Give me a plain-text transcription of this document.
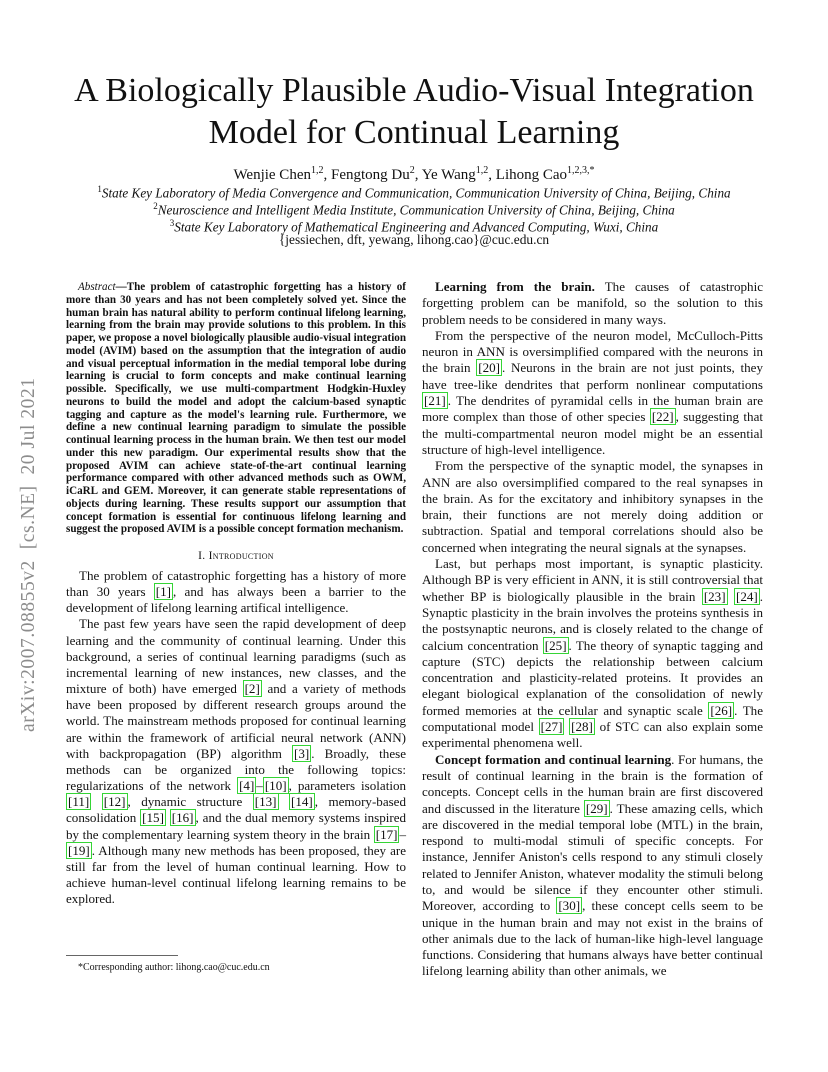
arXiv:2007.08855v2  [cs.NE]  20 Jul 2021
A Biologically Plausible Audio-Visual Integration
Model for Continual Learning
Wenjie Chen$^{1,2}$, Fengtong Du$^2$, Ye Wang$^{1,2}$, Lihong Cao$^{1,2,3,*}$
$^1$State Key Laboratory of Media Convergence and Communication, Communication University of China, Beijing, China
$^2$Neuroscience and Intelligent Media Institute, Communication University of China, Beijing, China
$^3$State Key Laboratory of Mathematical Engineering and Advanced Computing, Wuxi, China
{jessiechen, dft, yewang, lihong.cao}@cuc.edu.cn

Abstract—The problem of catastrophic forgetting has a history of more than 30 years and has not been completely solved yet. Since the human brain has natural ability to perform continual lifelong learning, learning from the brain may provide solutions to this problem. In this paper, we propose a novel biologically plausible audio-visual integration model (AVIM) based on the assumption that the integration of audio and visual perceptual information in the medial temporal lobe during learning is crucial to form concepts and make continual learning possible. Specifically, we use multi-compartment Hodgkin-Huxley neurons to build the model and adopt the calcium-based synaptic tagging and capture as the model's learning rule. Furthermore, we define a new continual learning paradigm to simulate the possible continual learning process in the human brain. We then test our model under this new paradigm. Our experimental results show that the proposed AVIM can achieve state-of-the-art continual learning performance compared with other advanced methods such as OWM, iCaRL and GEM. Moreover, it can generate stable representations of objects during learning. These results support our assumption that concept formation is essential for continuous lifelong learning and suggest the proposed AVIM is a possible concept formation mechanism.

I. Introduction

The problem of catastrophic forgetting has a history of more than 30 years [1] , and has always been a barrier to the development of lifelong learning artifical intelligence.

The past few years have seen the rapid development of deep learning and the community of continual learning. Under this background, a series of continual learning paradigms (such as incremental learning of new instances, new classes, and the mixture of both) have emerged [2] and a variety of methods have been proposed by different research groups around the world. The mainstream methods proposed for continual learning are within the framework of artificial neural network (ANN) with backpropagation (BP) algorithm [3] . Broadly, these methods can be organized into the following topics: regularizations of the network [4] – [10] , parameters isolation [11] [12] , dynamic structure [13] [14] , memory-based consolidation [15] [16] , and the dual memory systems inspired by the complementary learning system theory in the brain [17] –[19] . Although many new methods has been proposed, they are still far from the level of human continual learning. How to achieve human-level continual lifelong learning remains to be explored.

Learning from the brain. The causes of catastrophic forgetting problem can be manifold, so the solution to this problem needs to be considered in many ways.

From the perspective of the neuron model, McCulloch-Pitts neuron in ANN is oversimplified compared with the neurons in the brain [20] . Neurons in the brain are not just points, they have tree-like dendrites that perform nonlinear computations [21] . The dendrites of pyramidal cells in the human brain are more complex than those of other species [22] , suggesting that the multi-compartmental neuron model might be an essential structure of high-level intelligence.

From the perspective of the synaptic model, the synapses in ANN are also oversimplified compared to the real synapses in the brain. As for the excitatory and inhibitory synapses in the brain, their functions are not merely doing addition or subtraction. Spatial and temporal correlations should also be concerned when integrating the neural signals at the synapses.

Last, but perhaps most important, is synaptic plasticity. Although BP is very efficient in ANN, it is still controversial that whether BP is biologically plausible in the brain [23] [24] . Synaptic plasticity in the brain involves the proteins synthesis in the postsynaptic neurons, and is closely related to the change of calcium concentration [25] . The theory of synaptic tagging and capture (STC) depicts the relationship between calcium concentration and plasticity-related proteins. It provides an elegant biological explanation of the consolidation of newly formed memories at the cellular and synaptic scale [26] . The computational model [27] [28] of STC can also explain some experimental phenomena well.

Concept formation and continual learning. For humans, the result of continual learning in the brain is the formation of concepts. Concept cells in the human brain are first discovered and discussed in the literature [29] . These amazing cells, which are discovered in the medial temporal lobe (MTL) in the brain, respond to multi-modal stimuli of specific concepts. For instance, Jennifer Aniston's cells respond to any stimuli closely related to Jennifer Aniston, whatever modality the stimuli belong to, and would be silence if they encounter other stimuli. Moreover, according to [30] , these concept cells seem to be unique in the human brain and may not exist in the brains of other animals due to the lack of human-like high-level language functions. Considering that humans always have better continual lifelong learning ability than other animals, we

*Corresponding author: lihong.cao@cuc.edu.cn
